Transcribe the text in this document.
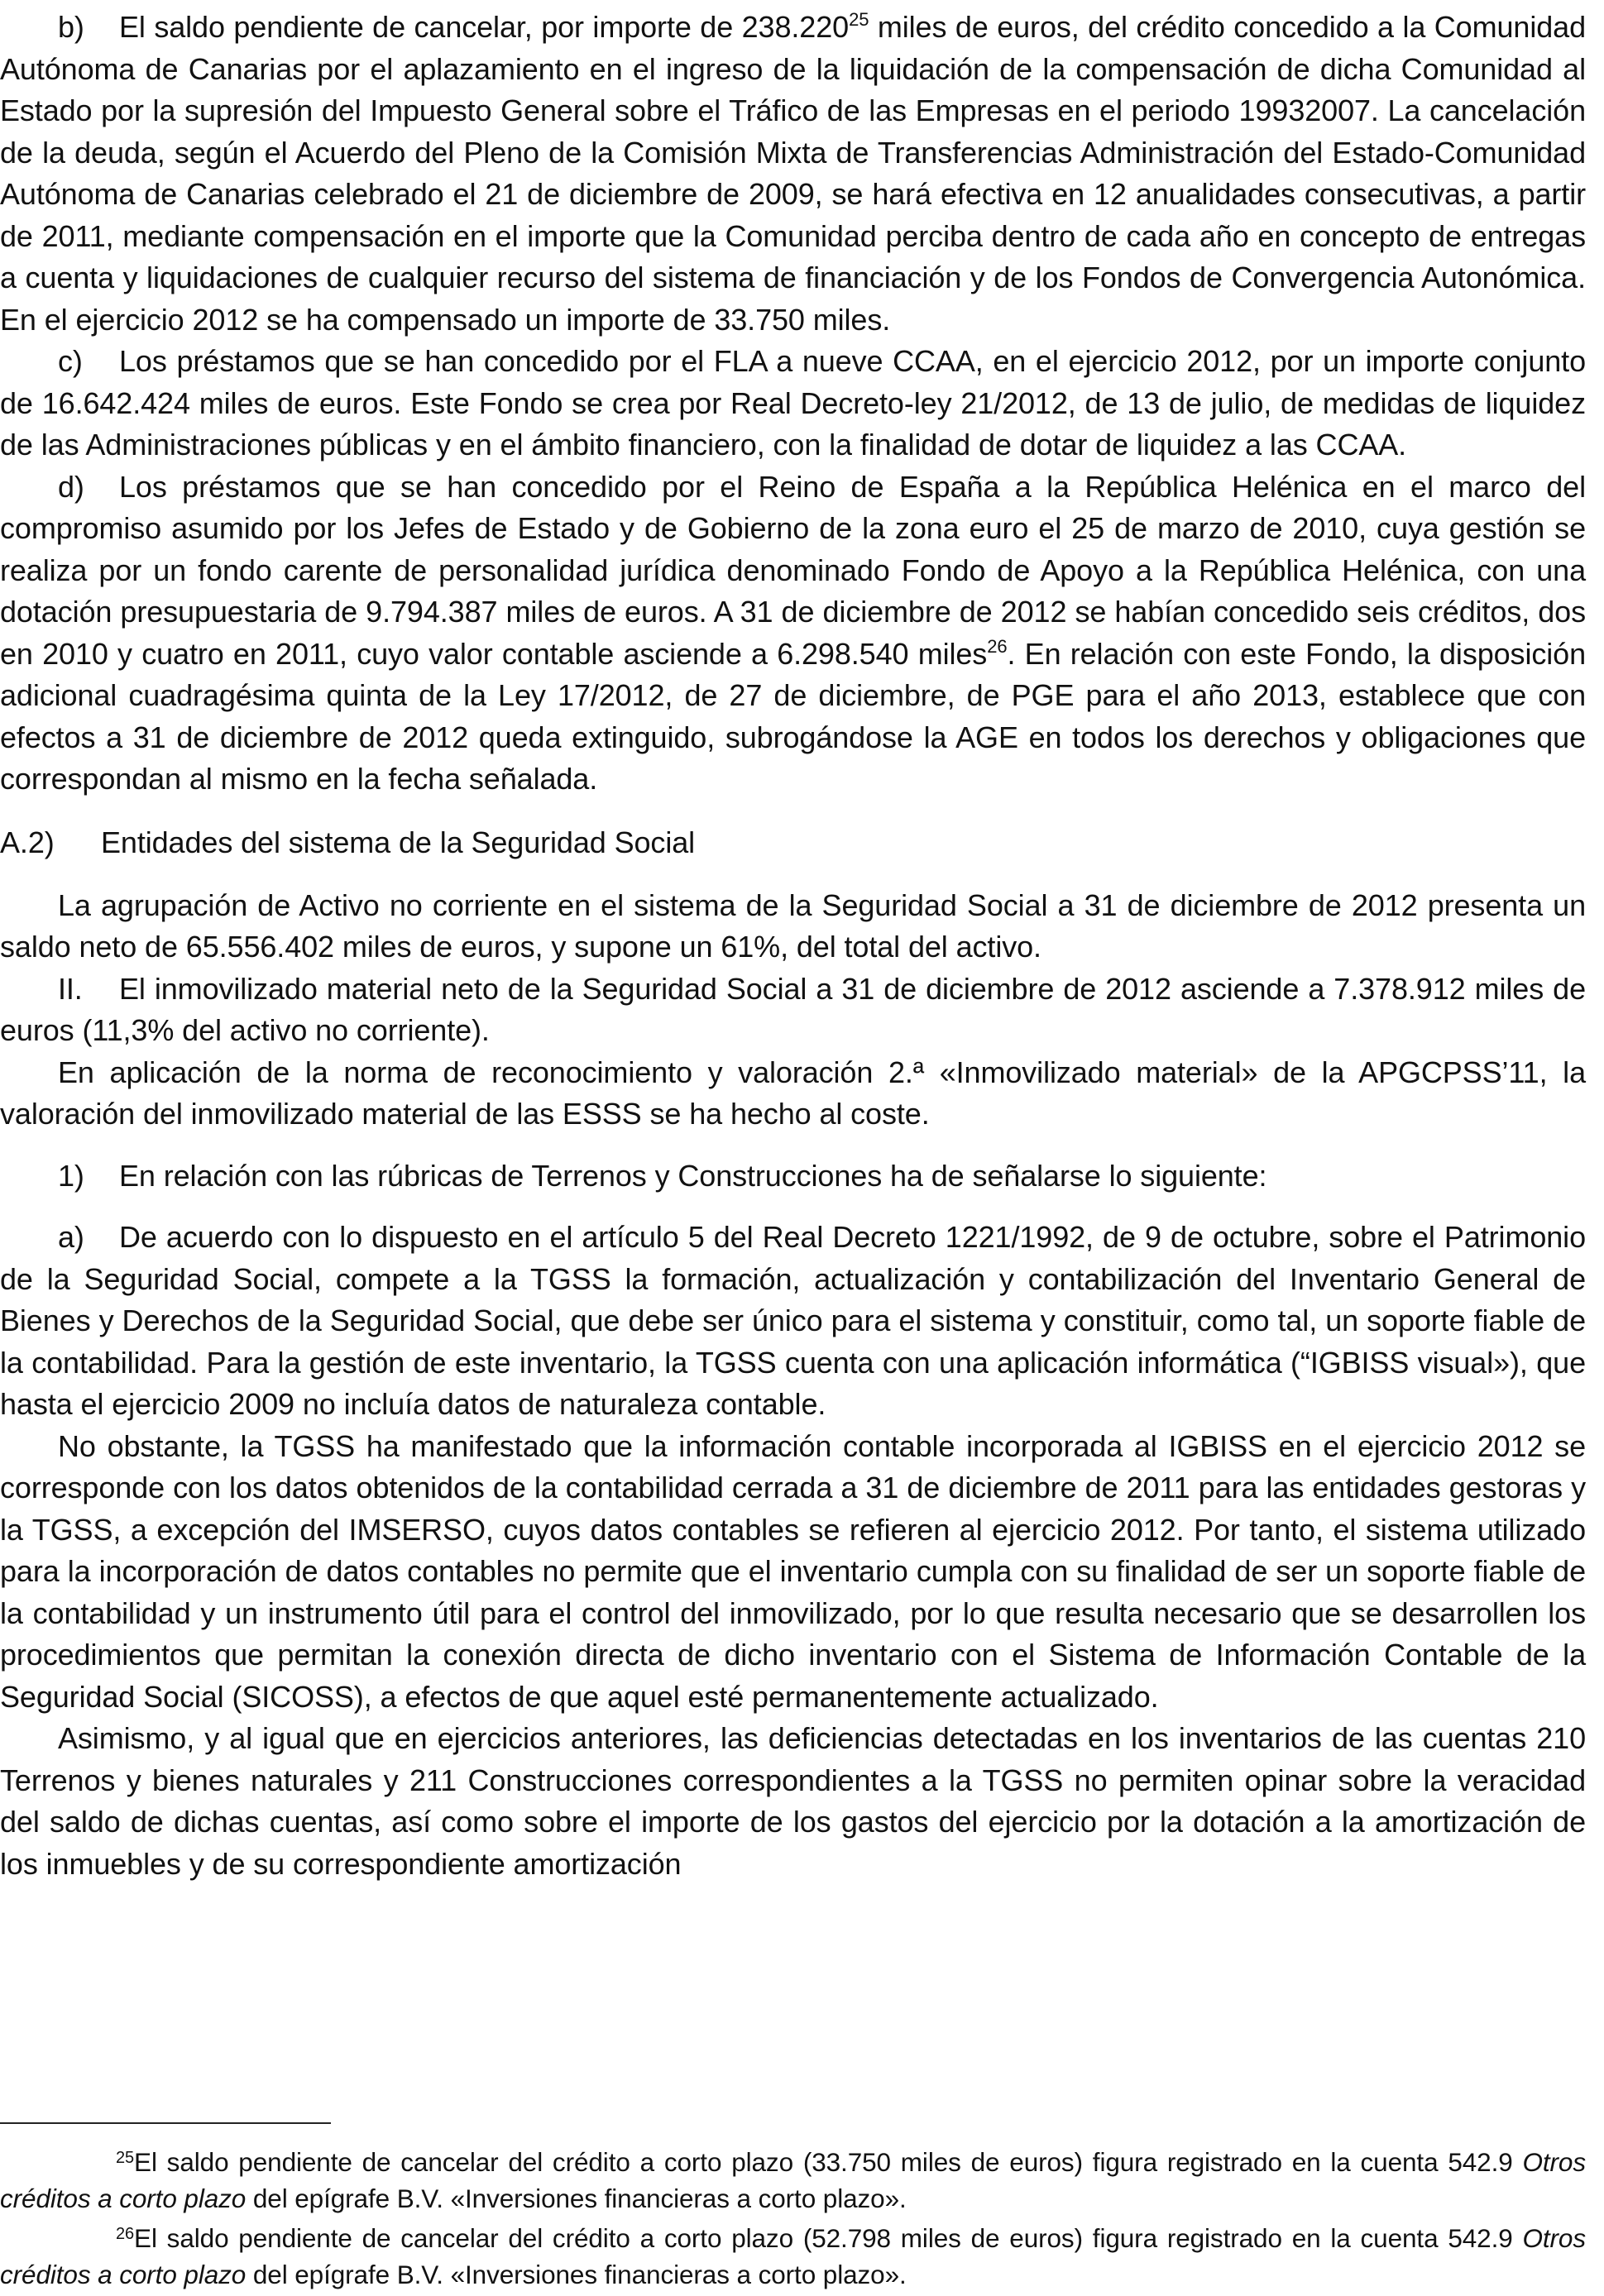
b) El saldo pendiente de cancelar, por importe de 238.220$^{25}$ miles de euros, del crédito concedido a la Comunidad Autónoma de Canarias por el aplazamiento en el ingreso de la liquidación de la compensación de dicha Comunidad al Estado por la supresión del Impuesto General sobre el Tráfico de las Empresas en el periodo 19932007. La cancelación de la deuda, según el Acuerdo del Pleno de la Comisión Mixta de Transferencias Administración del Estado-Comunidad Autónoma de Canarias celebrado el 21 de diciembre de 2009, se hará efectiva en 12 anualidades consecutivas, a partir de 2011, mediante compensación en el importe que la Comunidad perciba dentro de cada año en concepto de entregas a cuenta y liquidaciones de cualquier recurso del sistema de financiación y de los Fondos de Convergencia Autonómica. En el ejercicio 2012 se ha compensado un importe de 33.750 miles.

c) Los préstamos que se han concedido por el FLA a nueve CCAA, en el ejercicio 2012, por un importe conjunto de 16.642.424 miles de euros. Este Fondo se crea por Real Decreto-ley 21/2012, de 13 de julio, de medidas de liquidez de las Administraciones públicas y en el ámbito financiero, con la finalidad de dotar de liquidez a las CCAA.

d) Los préstamos que se han concedido por el Reino de España a la República Helénica en el marco del compromiso asumido por los Jefes de Estado y de Gobierno de la zona euro el 25 de marzo de 2010, cuya gestión se realiza por un fondo carente de personalidad jurídica denominado Fondo de Apoyo a la República Helénica, con una dotación presupuestaria de 9.794.387 miles de euros. A 31 de diciembre de 2012 se habían concedido seis créditos, dos en 2010 y cuatro en 2011, cuyo valor contable asciende a 6.298.540 miles$^{26}$. En relación con este Fondo, la disposición adicional cuadragésima quinta de la Ley 17/2012, de 27 de diciembre, de PGE para el año 2013, establece que con efectos a 31 de diciembre de 2012 queda extinguido, subrogándose la AGE en todos los derechos y obligaciones que correspondan al mismo en la fecha señalada.

A.2) Entidades del sistema de la Seguridad Social

La agrupación de Activo no corriente en el sistema de la Seguridad Social a 31 de diciembre de 2012 presenta un saldo neto de 65.556.402 miles de euros, y supone un 61%, del total del activo.

II. El inmovilizado material neto de la Seguridad Social a 31 de diciembre de 2012 asciende a 7.378.912 miles de euros (11,3% del activo no corriente).

En aplicación de la norma de reconocimiento y valoración 2.ª «Inmovilizado material» de la APGCPSS’11, la valoración del inmovilizado material de las ESSS se ha hecho al coste.

1) En relación con las rúbricas de Terrenos y Construcciones ha de señalarse lo siguiente:

a) De acuerdo con lo dispuesto en el artículo 5 del Real Decreto 1221/1992, de 9 de octubre, sobre el Patrimonio de la Seguridad Social, compete a la TGSS la formación, actualización y contabilización del Inventario General de Bienes y Derechos de la Seguridad Social, que debe ser único para el sistema y constituir, como tal, un soporte fiable de la contabilidad. Para la gestión de este inventario, la TGSS cuenta con una aplicación informática (“IGBISS visual»), que hasta el ejercicio 2009 no incluía datos de naturaleza contable.

No obstante, la TGSS ha manifestado que la información contable incorporada al IGBISS en el ejercicio 2012 se corresponde con los datos obtenidos de la contabilidad cerrada a 31 de diciembre de 2011 para las entidades gestoras y la TGSS, a excepción del IMSERSO, cuyos datos contables se refieren al ejercicio 2012. Por tanto, el sistema utilizado para la incorporación de datos contables no permite que el inventario cumpla con su finalidad de ser un soporte fiable de la contabilidad y un instrumento útil para el control del inmovilizado, por lo que resulta necesario que se desarrollen los procedimientos que permitan la conexión directa de dicho inventario con el Sistema de Información Contable de la Seguridad Social (SICOSS), a efectos de que aquel esté permanentemente actualizado.

Asimismo, y al igual que en ejercicios anteriores, las deficiencias detectadas en los inventarios de las cuentas 210 Terrenos y bienes naturales y 211 Construcciones correspondientes a la TGSS no permiten opinar sobre la veracidad del saldo de dichas cuentas, así como sobre el importe de los gastos del ejercicio por la dotación a la amortización de los inmuebles y de su correspondiente amortización

25El saldo pendiente de cancelar del crédito a corto plazo (33.750 miles de euros) figura registrado en la cuenta 542.9 Otros créditos a corto plazo del epígrafe B.V. «Inversiones financieras a corto plazo».

26El saldo pendiente de cancelar del crédito a corto plazo (52.798 miles de euros) figura registrado en la cuenta 542.9 Otros créditos a corto plazo del epígrafe B.V. «Inversiones financieras a corto plazo».
